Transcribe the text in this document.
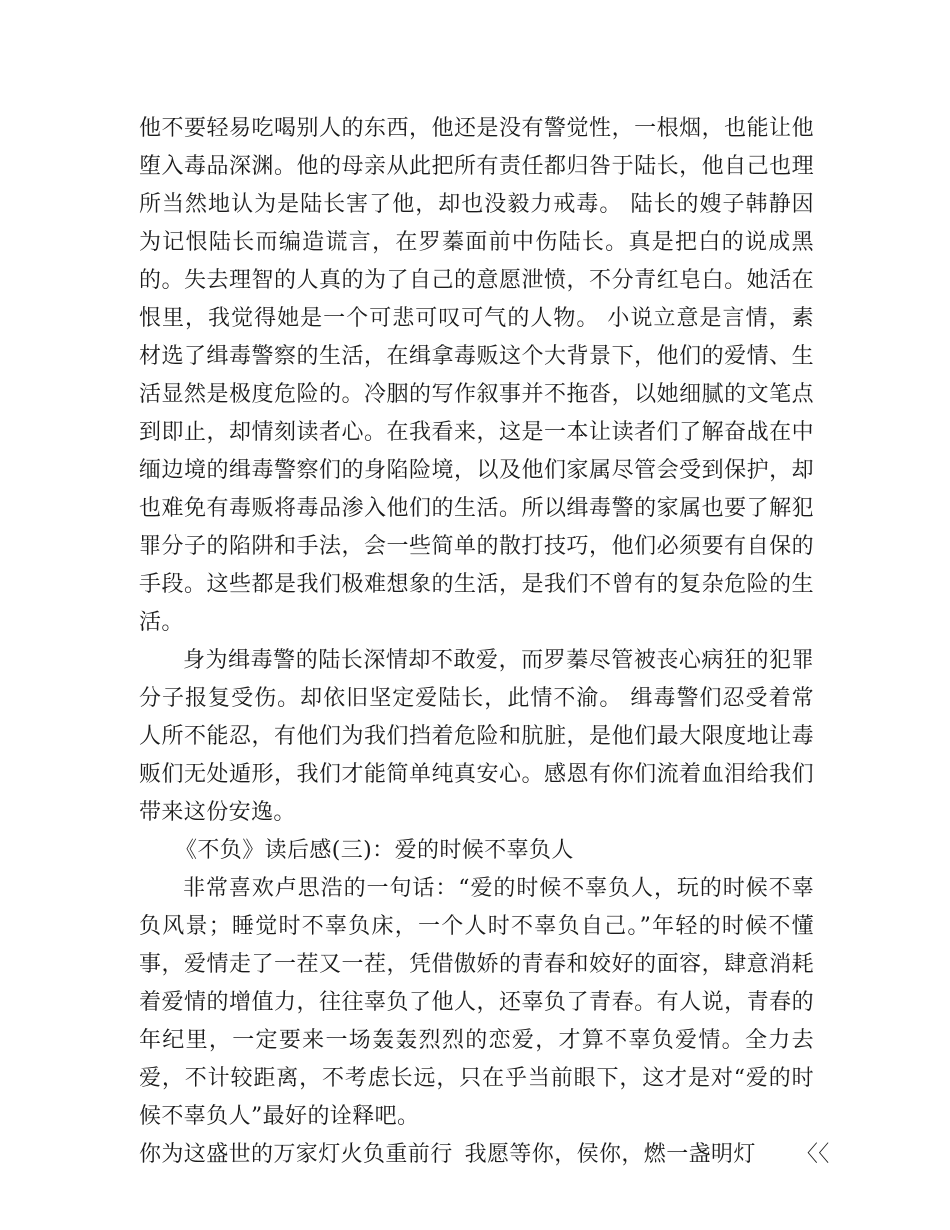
他不要轻易吃喝别人的东西，他还是没有警觉性，一根烟，也能让他堕入毒品深渊。他的母亲从此把所有责任都归咎于陆长，他自己也理所当然地认为是陆长害了他，却也没毅力戒毒。 陆长的嫂子韩静因为记恨陆长而编造谎言，在罗蓁面前中伤陆长。真是把白的说成黑的。失去理智的人真的为了自己的意愿泄愤，不分青红皂白。她活在恨里，我觉得她是一个可悲可叹可气的人物。 小说立意是言情，素材选了缉毒警察的生活，在缉拿毒贩这个大背景下，他们的爱情、生活显然是极度危险的。冷胭的写作叙事并不拖沓，以她细腻的文笔点到即止，却情刻读者心。在我看来，这是一本让读者们了解奋战在中缅边境的缉毒警察们的身陷险境，以及他们家属尽管会受到保护，却也难免有毒贩将毒品渗入他们的生活。所以缉毒警的家属也要了解犯罪分子的陷阱和手法，会一些简单的散打技巧，他们必须要有自保的手段。这些都是我们极难想象的生活，是我们不曾有的复杂危险的生活。

身为缉毒警的陆长深情却不敢爱，而罗蓁尽管被丧心病狂的犯罪分子报复受伤。却依旧坚定爱陆长，此情不渝。 缉毒警们忍受着常人所不能忍，有他们为我们挡着危险和肮脏，是他们最大限度地让毒贩们无处遁形，我们才能简单纯真安心。感恩有你们流着血泪给我们带来这份安逸。

《不负》读后感(三)：爱的时候不辜负人

非常喜欢卢思浩的一句话：“爱的时候不辜负人，玩的时候不辜负风景；睡觉时不辜负床，一个人时不辜负自己。”年轻的时候不懂事，爱情走了一茬又一茬，凭借傲娇的青春和姣好的面容，肆意消耗着爱情的增值力，往往辜负了他人，还辜负了青春。有人说，青春的年纪里，一定要来一场轰轰烈烈的恋爱，才算不辜负爱情。全力去爱，不计较距离，不考虑长远，只在乎当前眼下，这才是对“爱的时候不辜负人”最好的诠释吧。

你为这盛世的万家灯火负重前行 我愿等你，侯你，燃一盏明灯 〈〈
